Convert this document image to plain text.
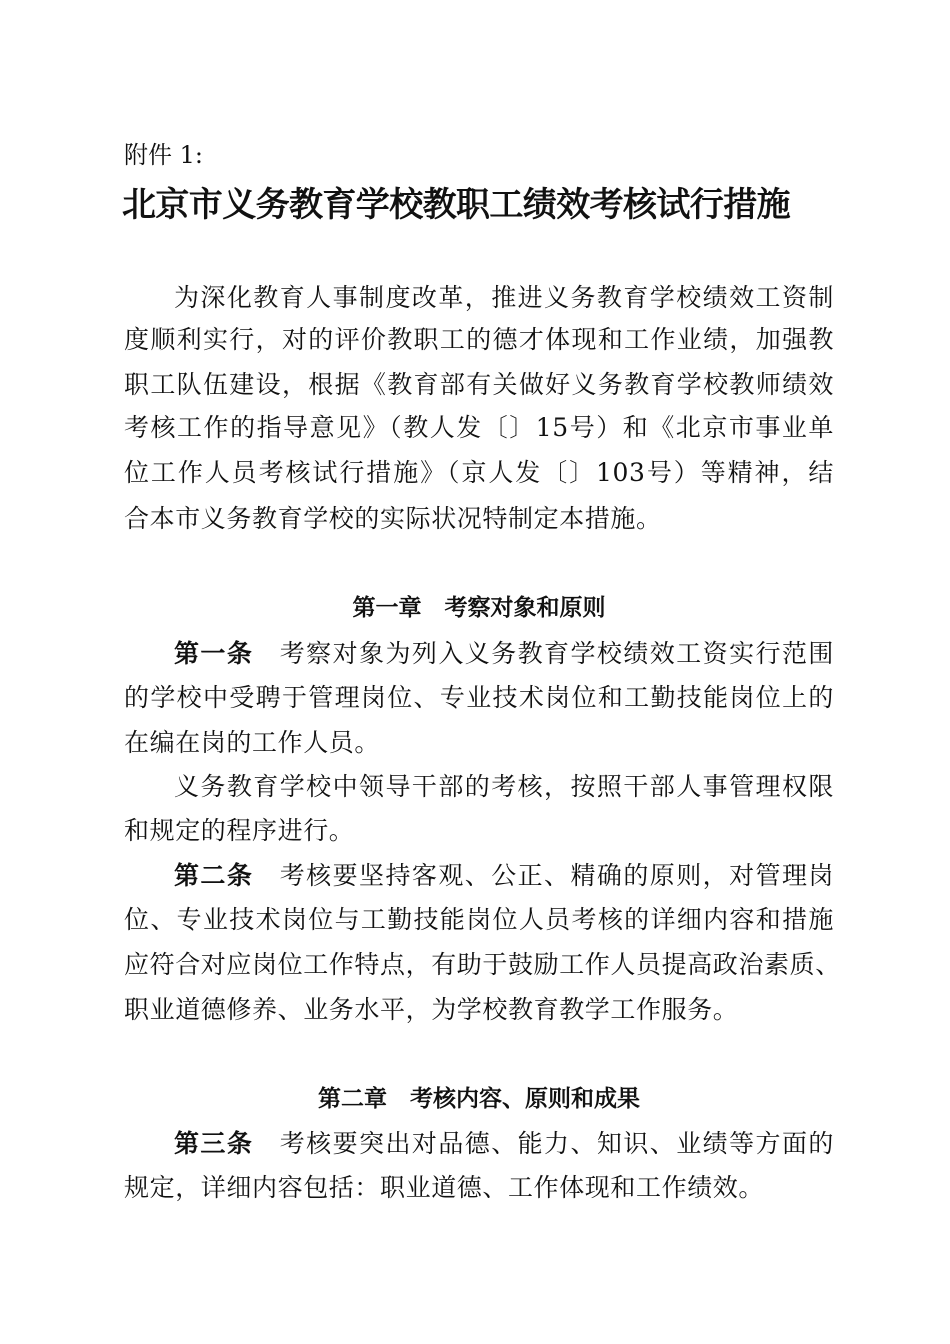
附件 1:
北京市义务教育学校教职工绩效考核试行措施
为深化教育人事制度改革，推进义务教育学校绩效工资制
度顺利实行，对的评价教职工的德才体现和工作业绩，加强教
职工队伍建设，根据《教育部有关做好义务教育学校教师绩效
考核工作的指导意见》（教人发〔〕15号）和《北京市事业单
位工作人员考核试行措施》（京人发〔〕103号）等精神，结
合本市义务教育学校的实际状况特制定本措施。
第一章　考察对象和原则
第一条　 考察对象为列入义务教育学校绩效工资实行范围
的学校中受聘于管理岗位、专业技术岗位和工勤技能岗位上的
在编在岗的工作人员。
义务教育学校中领导干部的考核，按照干部人事管理权限
和规定的程序进行。
第二条　 考核要坚持客观、公正、精确的原则，对管理岗
位、专业技术岗位与工勤技能岗位人员考核的详细内容和措施
应符合对应岗位工作特点，有助于鼓励工作人员提高政治素质、
职业道德修养、业务水平，为学校教育教学工作服务。
第二章　考核内容、原则和成果
第三条　 考核要突出对品德、能力、知识、业绩等方面的
规定，详细内容包括：职业道德、工作体现和工作绩效。
